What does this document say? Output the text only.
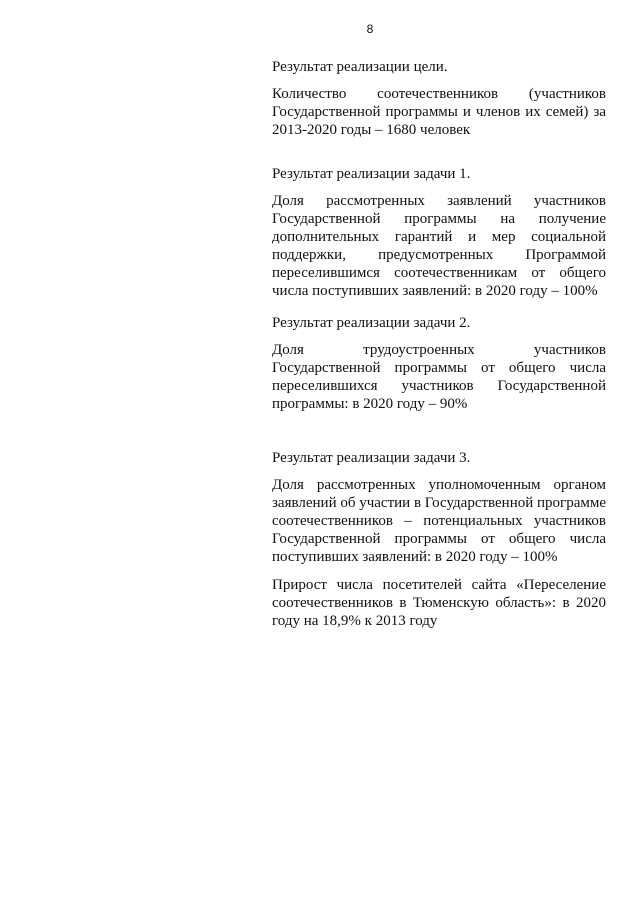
8

Результат реализации цели.

Количество соотечественников (участников Государственной программы и членов их семей) за 2013-2020 годы – 1680 человек

Результат реализации задачи 1.

Доля рассмотренных заявлений участников Государственной программы на получение дополнительных гарантий и мер социальной поддержки, предусмотренных Программой переселившимся соотечественникам от общего числа поступивших заявлений: в 2020 году – 100%

Результат реализации задачи 2.

Доля трудоустроенных участников Государственной программы от общего числа переселившихся участников Государственной программы: в 2020 году – 90%

Результат реализации задачи 3.

Доля рассмотренных уполномоченным органом заявлений об участии в Государственной программе соотечественников – потенциальных участников Государственной программы от общего числа поступивших заявлений: в 2020 году – 100%

Прирост числа посетителей сайта «Переселение соотечественников в Тюменскую область»: в 2020 году на 18,9% к 2013 году
